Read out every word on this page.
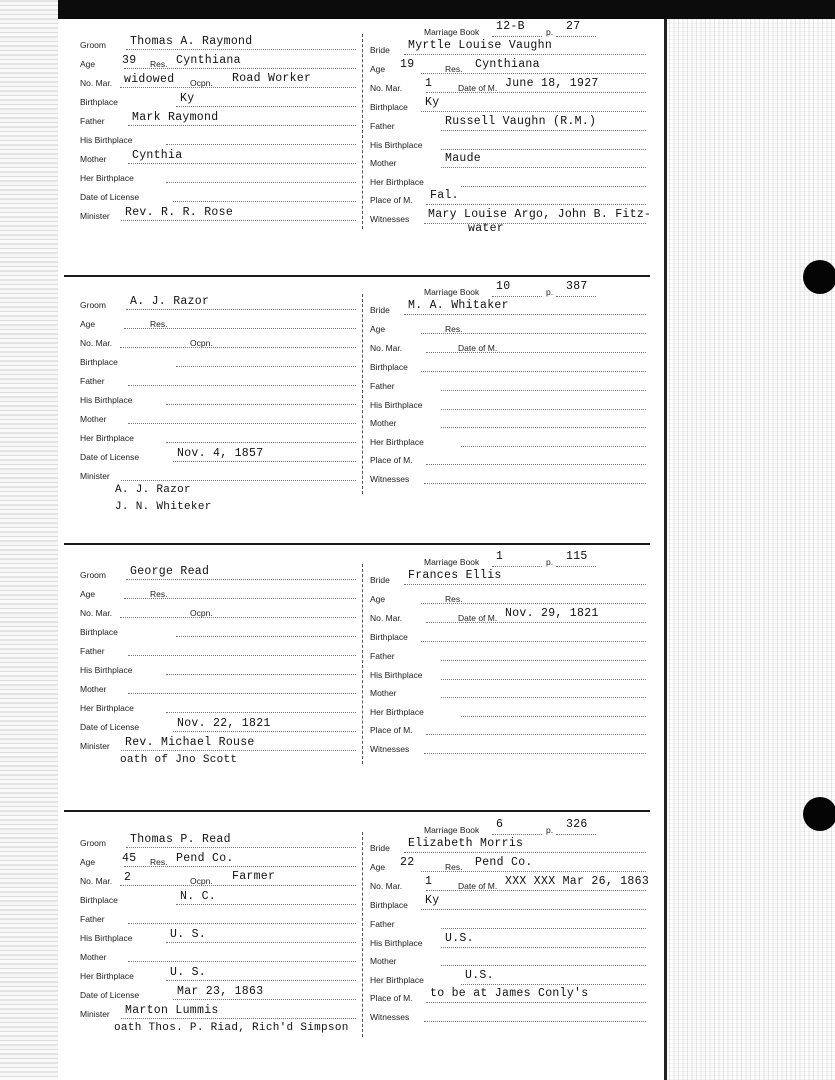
Groom Thomas A. Raymond
Age 39 Res. Cynthiana
No. Mar. widowed Ocpn. Road Worker
Birthplace	Ky
Father Mark Raymond
His Birthplace
Mother Cynthia
Her Birthplace
Date of License
Minister Rev. R. R. Rose
Marriage Book 12-B p. 27
Bride Myrtle Louise Vaughn
Age 19	Res. Cynthiana
No. Mar. 1	Date of M. June 18, 1927
Birthplace Ky
Father	Russell Vaughn (R.M.)
His Birthplace
Mother	Maude
Her Birthplace
Place of M. Fal.
Witnesses Mary Louise Argo, John B. Fitz-
water
Groom A. J. Razor
Age	Res.
No. Mar.	Ocpn.
Birthplace
Father
His Birthplace
Mother
Her Birthplace
Date of License	Nov. 4, 1857
Minister
Marriage Book 10	p. 387
Bride M. A. Whitaker
Age	Res.
No. Mar.	Date of M.
Birthplace
Father
His Birthplace
Mother
Her Birthplace
Place of M.
Witnesses
A. J. Razor
J. N. Whiteker
Groom George Read
Age	Res.
No. Mar.	Ocpn.
Birthplace
Father
His Birthplace
Mother
Her Birthplace
Date of License	Nov. 22, 1821
Minister Rev. Michael Rouse
Marriage Book 1	p. 115
Bride Frances Ellis
Age	Res.
No. Mar.	Date of M. Nov. 29, 1821
Birthplace
Father
His Birthplace
Mother
Her Birthplace
Place of M.
Witnesses
oath of Jno Scott
Groom Thomas P. Read
Age 45 Res. Pend Co.
No. Mar. 2	Ocpn. Farmer
Birthplace	N. C.
Father
His Birthplace	U. S.
Mother
Her Birthplace	U. S.
Date of License	Mar 23, 1863
Minister Marton Lummis
Marriage Book 6	p. 326
Bride Elizabeth Morris
Age 22	Res. Pend Co.
No. Mar. 1	Date of M. XXX XXX Mar 26, 1863
Birthplace Ky
Father
His Birthplace U.S.
Mother
Her Birthplace	U.S.
Place of M. to be at James Conly's
Witnesses
oath Thos. P. Riad, Rich'd Simpson
